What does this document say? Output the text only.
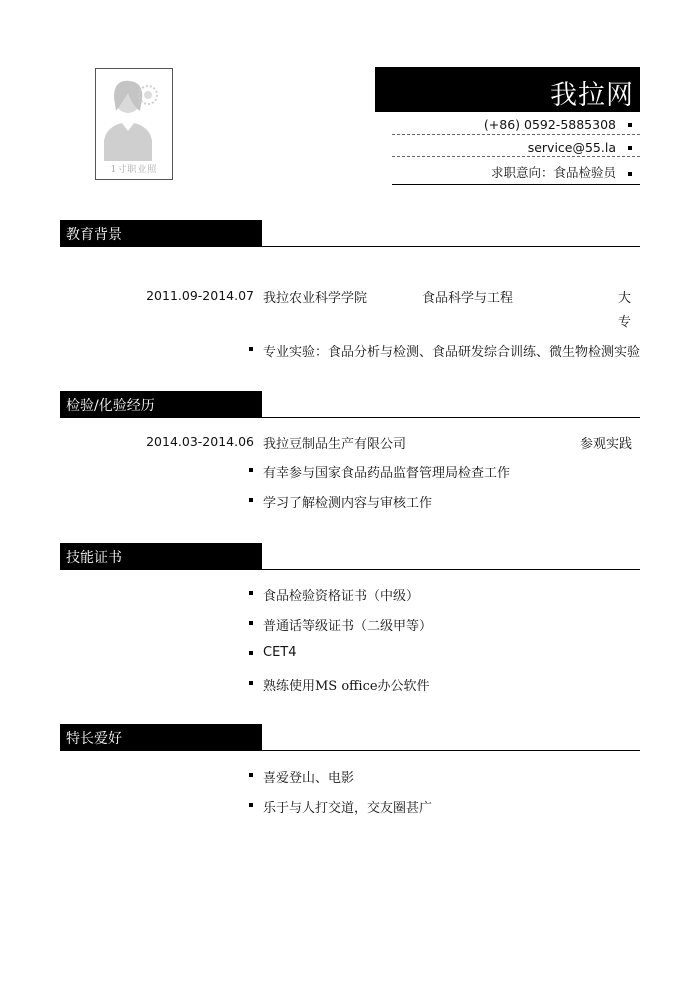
1寸职业照
我拉网
(+86) 0592-5885308
service@55.la
求职意向：食品检验员
教育背景
2011.09-2014.07 我拉农业科学学院	食品科学与工程	大
专
专业实验：食品分析与检测、食品研发综合训练、微生物检测实验
检验/化验经历
2014.03-2014.06 我拉豆制品生产有限公司	参观实践
有幸参与国家食品药品监督管理局检查工作
学习了解检测内容与审核工作
技能证书
食品检验资格证书（中级）
普通话等级证书（二级甲等）
CET4
熟练使用MS office办公软件
特长爱好
喜爱登山、电影
乐于与人打交道，交友圈甚广
